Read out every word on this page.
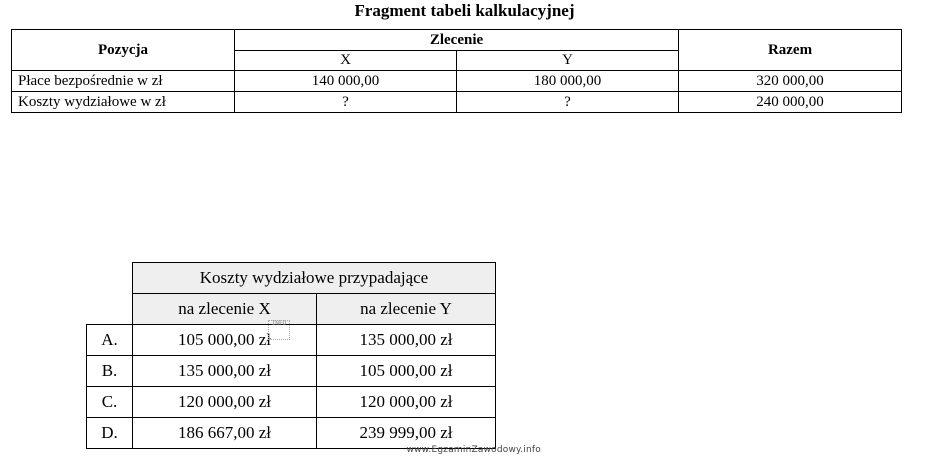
Fragment tabeli kalkulacyjnej
Pozycja	Zlecenie		Razem
	X	Y	
Płace bezpośrednie w zł	140 000,00	180 000,00	320 000,00
Koszty wydziałowe w zł	?	?	240 000,00
	Koszty wydziałowe przypadające	
	na zlecenie X	na zlecenie Y
A.	105 000,00 zł	135 000,00 zł
B.	135 000,00 zł	105 000,00 zł
C.	120 000,00 zł	120 000,00 zł
D.	186 667,00 zł	239 999,00 zł
INFO
www.EgzaminZawodowy.info
